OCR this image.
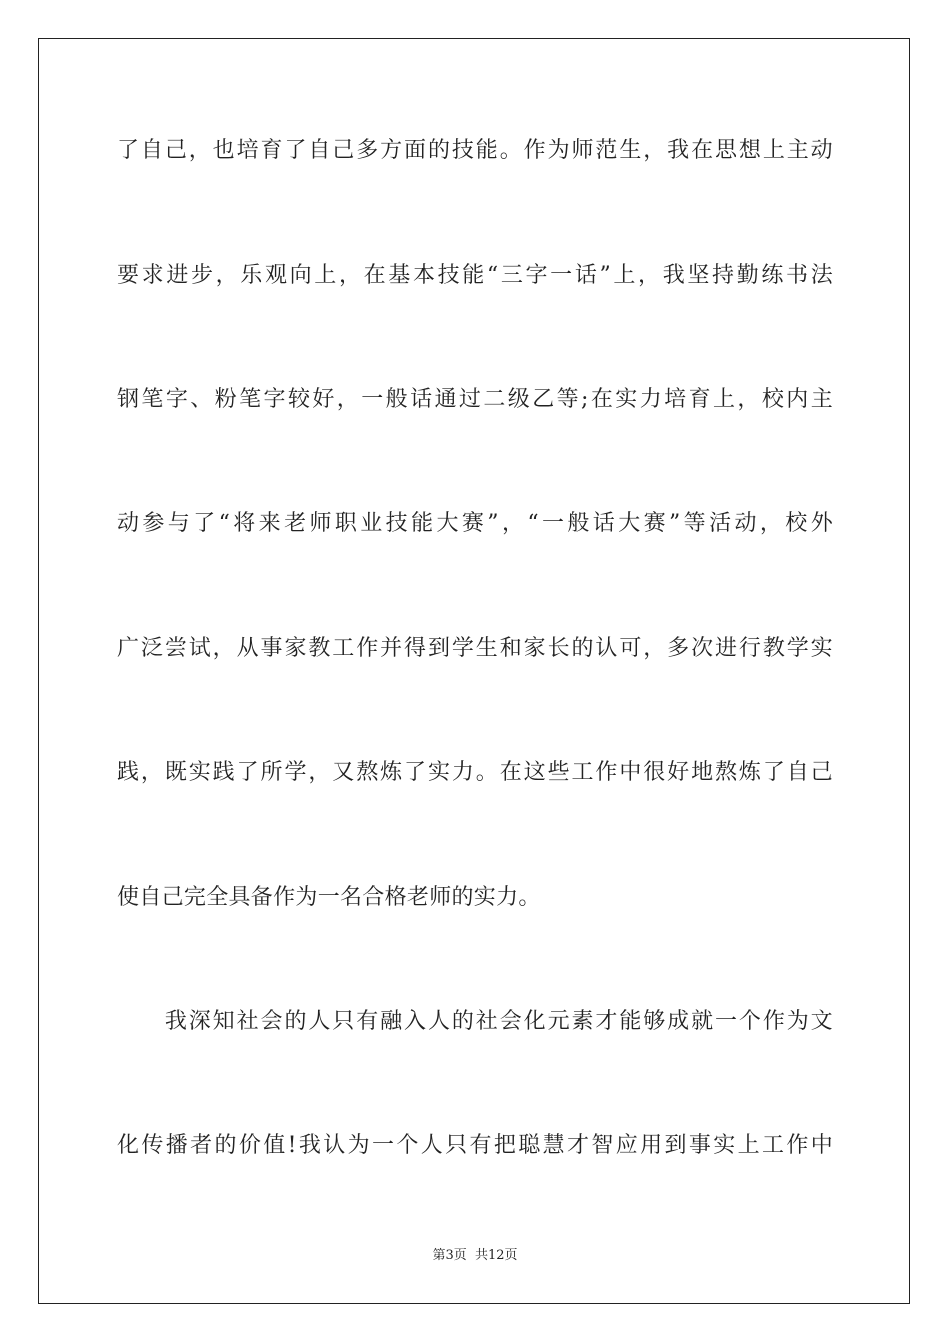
了自己，也培育了自己多方面的技能。作为师范生，我在思想上主动
要求进步，乐观向上，在基本技能“三字一话”上，我坚持勤练书法
钢笔字、粉笔字较好，一般话通过二级乙等;在实力培育上，校内主
动参与了“将来老师职业技能大赛”，“一般话大赛”等活动，校外
广泛尝试，从事家教工作并得到学生和家长的认可，多次进行教学实
践，既实践了所学，又熬炼了实力。在这些工作中很好地熬炼了自己
使自己完全具备作为一名合格老师的实力。
　　我深知社会的人只有融入人的社会化元素才能够成就一个作为文
化传播者的价值!我认为一个人只有把聪慧才智应用到事实上工作中
第3页  共12页
